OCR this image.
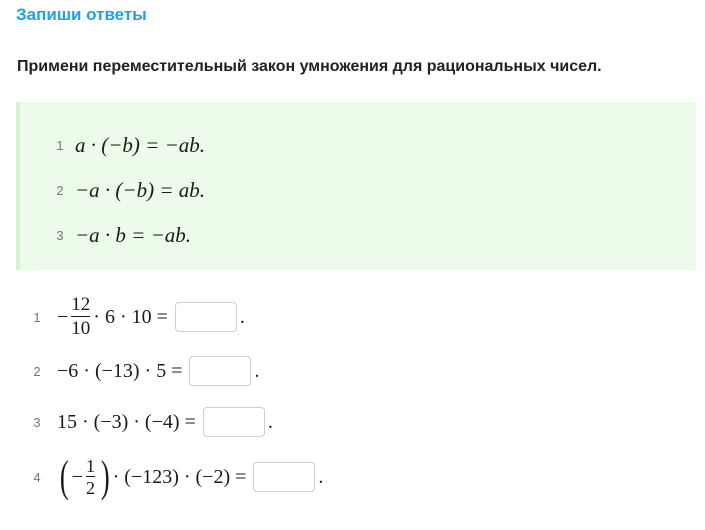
Запиши ответы

Примени переместительный закон умножения для рациональных чисел.

1 a · (−b) = −ab.
2 −a · (−b) = ab.
3 −a · b = −ab.
$1 - \frac{12}{10} \cdot 6 \cdot 10$ =	.
2 −6 · (−13) · 5 =	.
3 15 · (−3) · (−4) =	.
4 ( − $\frac{1}{2}$ ) · (−123) · (−2) =	.
